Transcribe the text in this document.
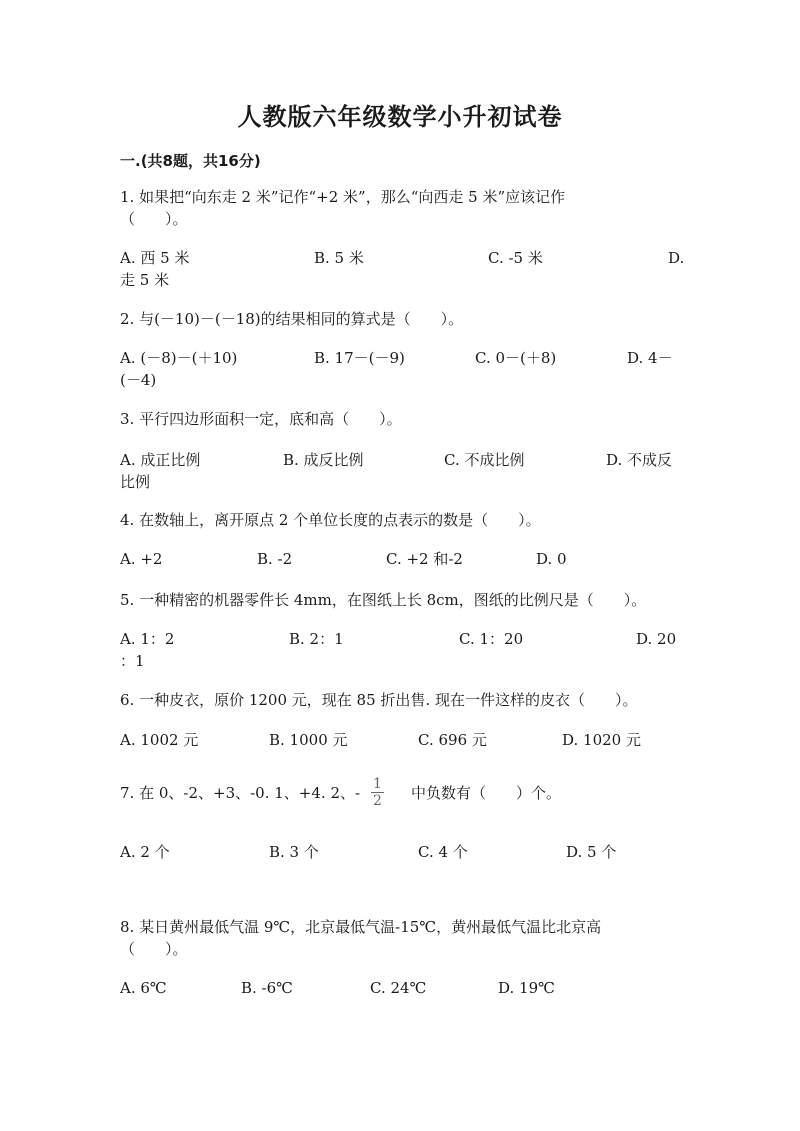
人教版六年级数学小升初试卷
一.(共8题，共16分)
1. 如果把“向东走 2 米”记作“+2 米”，那么“向西走 5 米”应该记作
（　　）。
A. 西 5 米	B. 5 米	C. -5 米	D.
走 5 米
2. 与(－10)－(－18)的结果相同的算式是（　　）。
A. (－8)－(＋10)	B. 17－(－9)	C. 0－(＋8)	D. 4－
(－4)
3. 平行四边形面积一定，底和高（　　）。
A. 成正比例	B. 成反比例	C. 不成比例	D. 不成反
比例
4. 在数轴上，离开原点 2 个单位长度的点表示的数是（　　）。
A. +2	B. -2	C. +2 和-2	D. 0
5. 一种精密的机器零件长 4mm，在图纸上长 8cm，图纸的比例尺是（　　）。
A. 1：2	B. 2：1	C. 1：20	D. 20
：1
6. 一种皮衣，原价 1200 元，现在 85 折出售. 现在一件这样的皮衣（　　）。
A. 1002 元	B. 1000 元	C. 696 元	D. 1020 元
7. 在 0、-2、+3、-0. 1、+4. 2、- $\frac{1}{2}$ 中负数有（　　）个。
A. 2 个	B. 3 个	C. 4 个	D. 5 个
8. 某日黄州最低气温 9℃，北京最低气温-15℃，黄州最低气温比北京高
（　　）。
A. 6℃	B. -6℃	C. 24℃	D. 19℃
